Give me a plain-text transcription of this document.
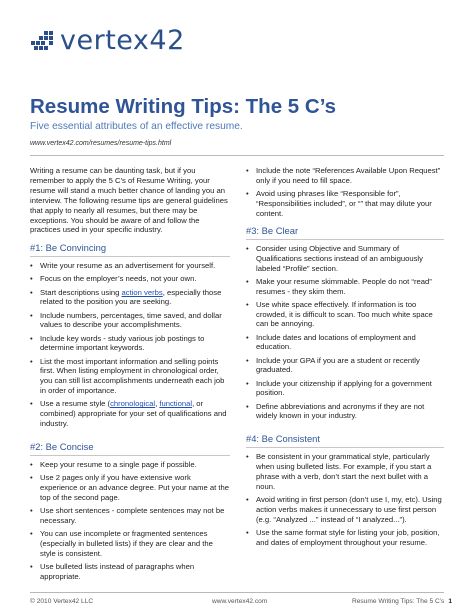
vertex42
Resume Writing Tips: The 5 C’s
Five essential attributes of an effective resume.
www.vertex42.com/resumes/resume-tips.html

Writing a resume can be daunting task, but if you remember to apply the 5 C’s of Resume Writing, your resume will stand a much better chance of landing you an interview. The following resume tips are general guidelines that apply to nearly all resumes, but there may be exceptions. You should be aware of and follow the practices used in your specific industry.

#1: Be Convincing
• Write your resume as an advertisement for yourself.
• Focus on the employer’s needs, not your own.
• Start descriptions using action verbs, especially those related to the position you are seeking.
• Include numbers, percentages, time saved, and dollar values to describe your accomplishments.
• Include key words - study various job postings to determine important keywords.
• List the most important information and selling points first. When listing employment in chronological order, you can still list accomplishments underneath each job in order of importance.
• Use a resume style (chronological, functional, or combined) appropriate for your set of qualifications and industry.
#2: Be Concise
• Keep your resume to a single page if possible.
• Use 2 pages only if you have extensive work experience or an advance degree. Put your name at the top of the second page.
• Use short sentences - complete sentences may not be necessary.
• You can use incomplete or fragmented sentences (especially in bulleted lists) if they are clear and the style is consistent.
• Use bulleted lists instead of paragraphs when appropriate.
• Include the note “References Available Upon Request” only if you need to fill space.
• Avoid using phrases like “Responsible for”, “Responsibilities included”, or “” that may dilute your content.
#3: Be Clear
• Consider using Objective and Summary of Qualifications sections instead of an ambiguously labeled “Profile” section.
• Make your resume skimmable. People do not “read” resumes - they skim them.
• Use white space effectively. If information is too crowded, it is difficult to scan. Too much white space can be annoying.
• Include dates and locations of employment and education.
• Include your GPA if you are a student or recently graduated.
• Include your citizenship if applying for a government position.
• Define abbreviations and acronyms if they are not widely known in your industry.
#4: Be Consistent
• Be consistent in your grammatical style, particularly when using bulleted lists. For example, if you start a phrase with a verb, don’t start the next bullet with a noun.
• Avoid writing in first person (don’t use I, my, etc). Using action verbs makes it unnecessary to use first person (e.g. “Analyzed ...” instead of “I analyzed...”).
• Use the same format style for listing your job, position, and dates of employment throughout your resume.
© 2010 Vertex42 LLC	www.vertex42.com	Resume Writing Tips: The 5 C’s 1
